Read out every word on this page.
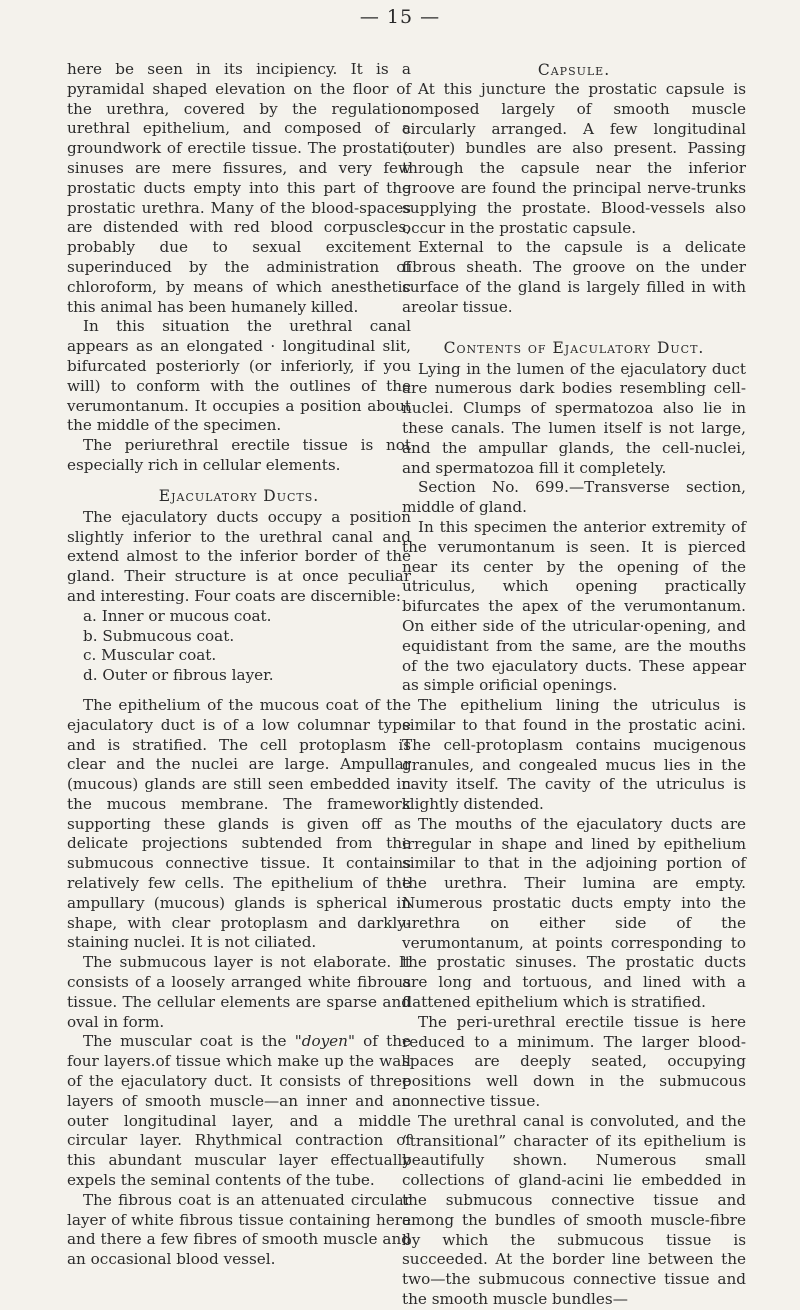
— 15 —

here be seen in its incipiency. It is a pyramidal shaped elevation on the floor of the urethra, covered by the regulation urethral epithelium, and composed of a groundwork of erectile tissue. The prostatic sinuses are mere fissures, and very few prostatic ducts empty into this part of the prostatic urethra. Many of the blood-spaces are distended with red blood corpuscles, probably due to sexual excitement superinduced by the administration of chloroform, by means of which anesthetic this animal has been humanely killed.

In this situation the urethral canal appears as an elongated · longitudinal slit, bifurcated posteriorly (or inferiorly, if you will) to conform with the outlines of the verumontanum. It occupies a position about the middle of the specimen.

The periurethral erectile tissue is not especially rich in cellular elements.

Ejaculatory Ducts.

The ejaculatory ducts occupy a position slightly inferior to the urethral canal and extend almost to the inferior border of the gland. Their structure is at once peculiar and interesting. Four coats are discernible:

a. Inner or mucous coat.
b. Submucous coat.
c. Muscular coat.
d. Outer or fibrous layer.

The epithelium of the mucous coat of the ejaculatory duct is of a low columnar type and is stratified. The cell protoplasm is clear and the nuclei are large. Ampullar (mucous) glands are still seen embedded in the mucous membrane. The framework supporting these glands is given off as delicate projections subtended from the submucous connective tissue. It contains relatively few cells. The epithelium of the ampullary (mucous) glands is spherical in shape, with clear protoplasm and darkly-staining nuclei. It is not ciliated.

The submucous layer is not elaborate. It consists of a loosely arranged white fibrous tissue. The cellular elements are sparse and oval in form.

The muscular coat is the "doyen" of the four layers.of tissue which make up the wall of the ejaculatory duct. It consists of three layers of smooth muscle—an inner and an outer longitudinal layer, and a middle circular layer. Rhythmical contraction of this abundant muscular layer effectually expels the seminal contents of the tube.

The fibrous coat is an attenuated circular layer of white fibrous tissue containing here and there a few fibres of smooth muscle and an occasional blood vessel.

Capsule.

At this juncture the prostatic capsule is composed largely of smooth muscle circularly arranged. A few longitudinal (outer) bundles are also present. Passing through the capsule near the inferior groove are found the principal nerve-trunks supplying the prostate. Blood-vessels also occur in the prostatic capsule.

External to the capsule is a delicate fibrous sheath. The groove on the under surface of the gland is largely filled in with areolar tissue.

Contents of Ejaculatory Duct.

Lying in the lumen of the ejaculatory duct are numerous dark bodies resembling cell-nuclei. Clumps of spermatozoa also lie in these canals. The lumen itself is not large, and the ampullar glands, the cell-nuclei, and spermatozoa fill it completely.

Section No. 699.—Transverse section, middle of gland.

In this specimen the anterior extremity of the verumontanum is seen. It is pierced near its center by the opening of the utriculus, which opening practically bifurcates the apex of the verumontanum. On either side of the utricular·opening, and equidistant from the same, are the mouths of the two ejaculatory ducts. These appear as simple orificial openings.

The epithelium lining the utriculus is similar to that found in the prostatic acini. The cell-protoplasm contains mucigenous granules, and congealed mucus lies in the cavity itself. The cavity of the utriculus is slightly distended.

The mouths of the ejaculatory ducts are irregular in shape and lined by epithelium similar to that in the adjoining portion of the urethra. Their lumina are empty. Numerous prostatic ducts empty into the urethra on either side of the verumontanum, at points corresponding to the prostatic sinuses. The prostatic ducts are long and tortuous, and lined with a flattened epithelium which is stratified.

The peri-urethral erectile tissue is here reduced to a minimum. The larger blood-spaces are deeply seated, occupying positions well down in the submucous connective tissue.

The urethral canal is convoluted, and the “transitional” character of its epithelium is beautifully shown. Numerous small collections of gland-acini lie embedded in the submucous connective tissue and among the bundles of smooth muscle-fibre by which the submucous tissue is succeeded. At the border line between the two—the submucous connective tissue and the smooth muscle bundles—
